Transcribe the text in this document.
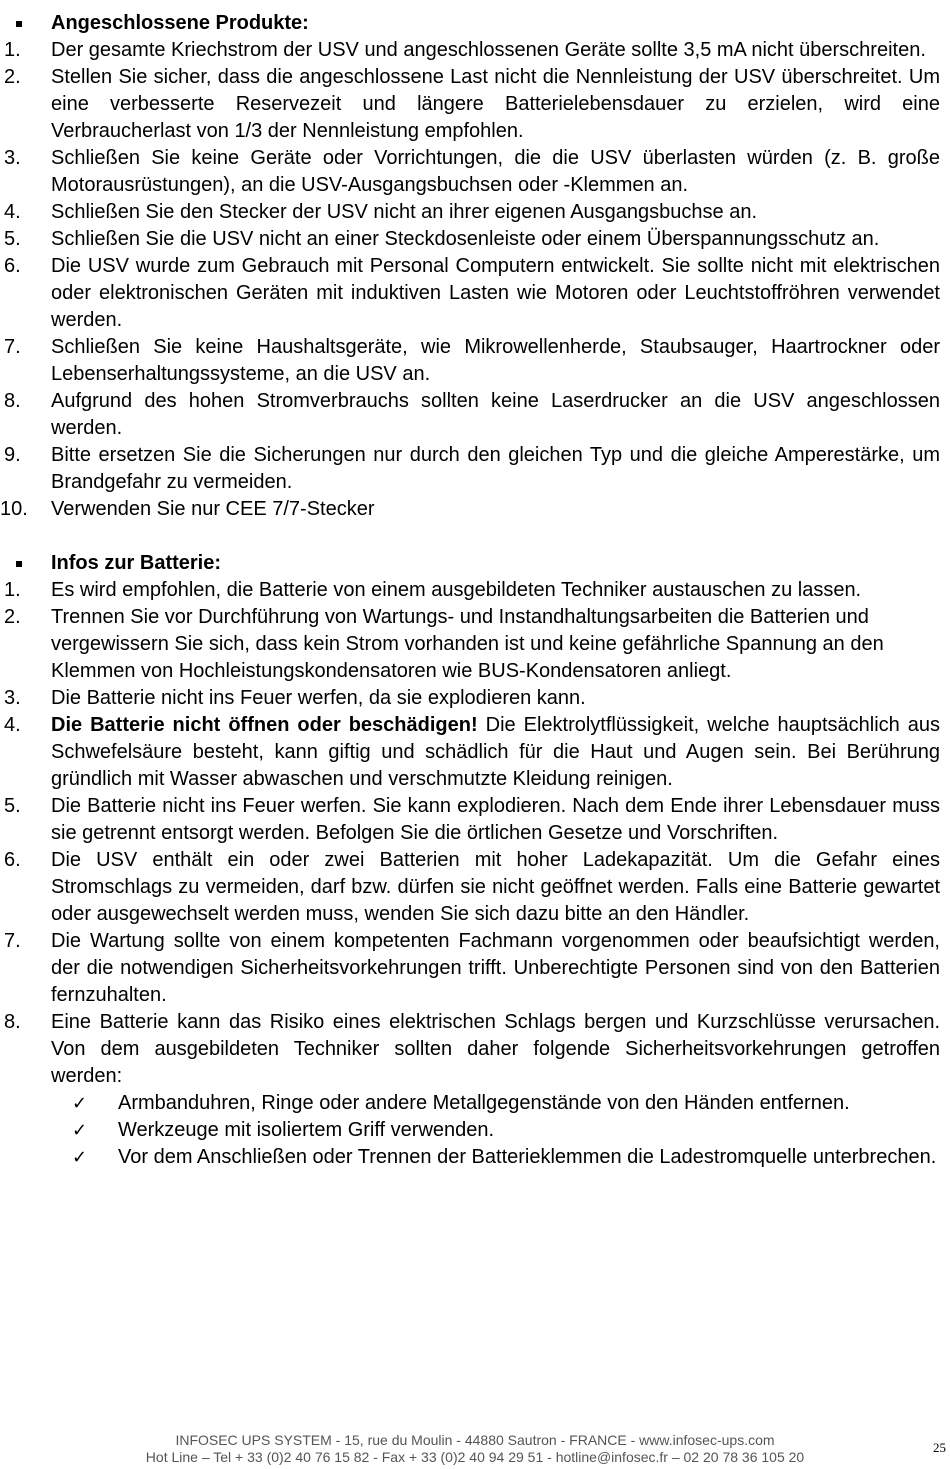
Angeschlossene Produkte:
1. Der gesamte Kriechstrom der USV und angeschlossenen Geräte sollte 3,5 mA nicht überschreiten.
2. Stellen Sie sicher, dass die angeschlossene Last nicht die Nennleistung der USV überschreitet. Um eine verbesserte Reservezeit und längere Batterielebensdauer zu erzielen, wird eine Verbraucherlast von 1/3 der Nennleistung empfohlen.
3. Schließen Sie keine Geräte oder Vorrichtungen, die die USV überlasten würden (z. B. große Motorausrüstungen), an die USV-Ausgangsbuchsen oder -Klemmen an.
4. Schließen Sie den Stecker der USV nicht an ihrer eigenen Ausgangsbuchse an.
5. Schließen Sie die USV nicht an einer Steckdosenleiste oder einem Überspannungsschutz an.
6. Die USV wurde zum Gebrauch mit Personal Computern entwickelt. Sie sollte nicht mit elektrischen oder elektronischen Geräten mit induktiven Lasten wie Motoren oder Leuchtstoffröhren verwendet werden.
7. Schließen Sie keine Haushaltsgeräte, wie Mikrowellenherde, Staubsauger, Haartrockner oder Lebenserhaltungssysteme, an die USV an.
8. Aufgrund des hohen Stromverbrauchs sollten keine Laserdrucker an die USV angeschlossen werden.
9. Bitte ersetzen Sie die Sicherungen nur durch den gleichen Typ und die gleiche Amperestärke, um Brandgefahr zu vermeiden.
10. Verwenden Sie nur CEE 7/7-Stecker
Infos zur Batterie:
1. Es wird empfohlen, die Batterie von einem ausgebildeten Techniker austauschen zu lassen.
2. Trennen Sie vor Durchführung von Wartungs- und Instandhaltungsarbeiten die Batterien und vergewissern Sie sich, dass kein Strom vorhanden ist und keine gefährliche Spannung an den Klemmen von Hochleistungskondensatoren wie BUS-Kondensatoren anliegt.
3. Die Batterie nicht ins Feuer werfen, da sie explodieren kann.
4. Die Batterie nicht öffnen oder beschädigen! Die Elektrolytflüssigkeit, welche hauptsächlich aus Schwefelsäure besteht, kann giftig und schädlich für die Haut und Augen sein. Bei Berührung gründlich mit Wasser abwaschen und verschmutzte Kleidung reinigen.
5. Die Batterie nicht ins Feuer werfen. Sie kann explodieren. Nach dem Ende ihrer Lebensdauer muss sie getrennt entsorgt werden. Befolgen Sie die örtlichen Gesetze und Vorschriften.
6. Die USV enthält ein oder zwei Batterien mit hoher Ladekapazität. Um die Gefahr eines Stromschlags zu vermeiden, darf bzw. dürfen sie nicht geöffnet werden. Falls eine Batterie gewartet oder ausgewechselt werden muss, wenden Sie sich dazu bitte an den Händler.
7. Die Wartung sollte von einem kompetenten Fachmann vorgenommen oder beaufsichtigt werden, der die notwendigen Sicherheitsvorkehrungen trifft. Unberechtigte Personen sind von den Batterien fernzuhalten.
8. Eine Batterie kann das Risiko eines elektrischen Schlags bergen und Kurzschlüsse verursachen. Von dem ausgebildeten Techniker sollten daher folgende Sicherheitsvorkehrungen getroffen werden:
✓ Armbanduhren, Ringe oder andere Metallgegenstände von den Händen entfernen.
✓ Werkzeuge mit isoliertem Griff verwenden.
✓ Vor dem Anschließen oder Trennen der Batterieklemmen die Ladestromquelle unterbrechen.
INFOSEC UPS SYSTEM - 15, rue du Moulin - 44880 Sautron - FRANCE - www.infosec-ups.com
Hot Line – Tel + 33 (0)2 40 76 15 82 - Fax + 33 (0)2 40 94 29 51 - hotline@infosec.fr – 02 20 78 36 105 20
25
